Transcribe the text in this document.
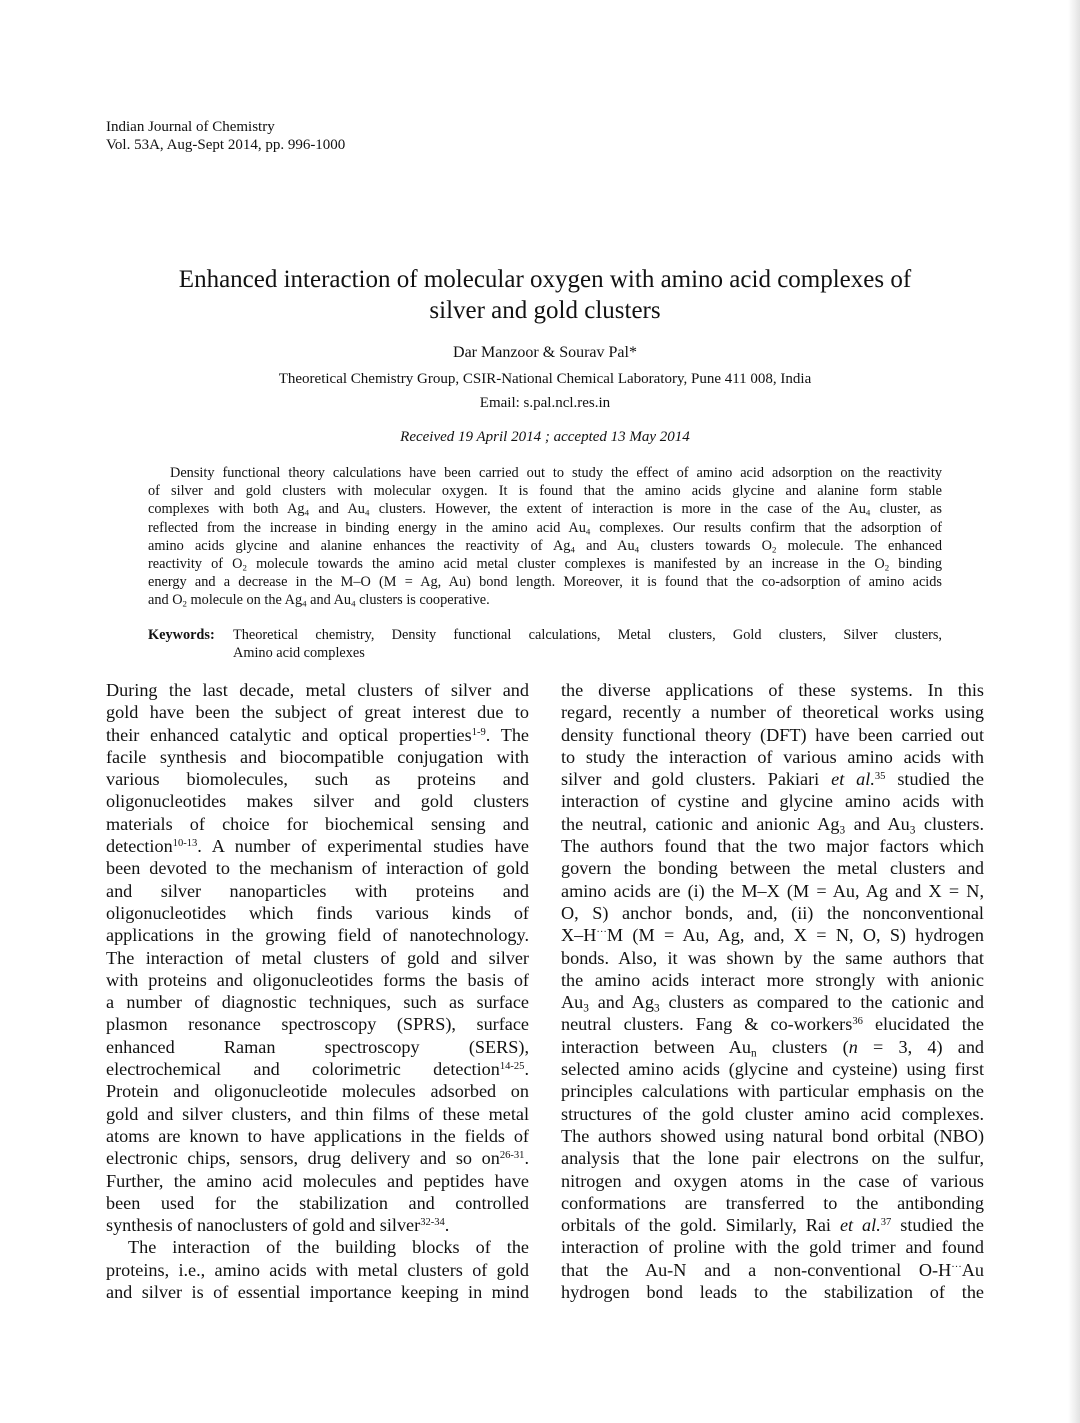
Indian Journal of Chemistry
Vol. 53A, Aug-Sept 2014, pp. 996-1000
Enhanced interaction of molecular oxygen with amino acid complexes of
silver and gold clusters
Dar Manzoor & Sourav Pal*
Theoretical Chemistry Group, CSIR-National Chemical Laboratory, Pune 411 008, India
Email: s.pal.ncl.res.in
Received 19 April 2014 ; accepted 13 May 2014
Density functional theory calculations have been carried out to study the effect of amino acid adsorption on the reactivity
of silver and gold clusters with molecular oxygen. It is found that the amino acids glycine and alanine form stable
complexes with both $Ag_4$ and $Au_4$ clusters. However, the extent of interaction is more in the case of the $Au_4$ cluster, as
reflected from the increase in binding energy in the amino acid $Au_4$ complexes. Our results confirm that the adsorption of
amino acids glycine and alanine enhances the reactivity of $Ag_4$ and $Au_4$ clusters towards $O_2$ molecule. The enhanced
reactivity of $O_2$ molecule towards the amino acid metal cluster complexes is manifested by an increase in the $O_2$ binding
energy and a decrease in the M–O (M = Ag, Au) bond length. Moreover, it is found that the co-adsorption of amino acids
and $O_2$ molecule on the $Ag_4$ and $Au_4$ clusters is cooperative.
Keywords: Theoretical chemistry, Density functional calculations, Metal clusters, Gold clusters, Silver clusters,
Amino acid complexes
During the last decade, metal clusters of silver and
gold have been the subject of great interest due to
their enhanced catalytic and optical properties$^{1-9}$. The
facile synthesis and biocompatible conjugation with
various biomolecules, such as proteins and
oligonucleotides makes silver and gold clusters
materials of choice for biochemical sensing and
detection$^{10-13}$. A number of experimental studies have
been devoted to the mechanism of interaction of gold
and silver nanoparticles with proteins and
oligonucleotides which finds various kinds of
applications in the growing field of nanotechnology.
The interaction of metal clusters of gold and silver
with proteins and oligonucleotides forms the basis of
a number of diagnostic techniques, such as surface
plasmon resonance spectroscopy (SPRS), surface
enhanced Raman spectroscopy (SERS),
electrochemical and colorimetric detection$^{14-25}$.
Protein and oligonucleotide molecules adsorbed on
gold and silver clusters, and thin films of these metal
atoms are known to have applications in the fields of
electronic chips, sensors, drug delivery and so $on^{26-31}$.
Further, the amino acid molecules and peptides have
been used for the stabilization and controlled
synthesis of nanoclusters of gold and silver$^{32-34}$.
The interaction of the building blocks of the
proteins, i.e., amino acids with metal clusters of gold
and silver is of essential importance keeping in mind
the diverse applications of these systems. In this
regard, recently a number of theoretical works using
density functional theory (DFT) have been carried out
to study the interaction of various amino acids with
silver and gold clusters. Pakiari et al.$^{35}$ studied the
interaction of cystine and glycine amino acids with
the neutral, cationic and anionic $Ag_3$ and $Au_3$ clusters.
The authors found that the two major factors which
govern the bonding between the metal clusters and
amino acids are (i) the M–X (M = Au, Ag and X = N,
O, S) anchor bonds, and, (ii) the nonconventional
X–H···M (M = Au, Ag, and, X = N, O, S) hydrogen
bonds. Also, it was shown by the same authors that
the amino acids interact more strongly with anionic
$Au_3$ and $Ag_3$ clusters as compared to the cationic and
neutral clusters. Fang & co-workers$^{36}$ elucidated the
interaction between $Au_n$ clusters (n = 3, 4) and
selected amino acids (glycine and cysteine) using first
principles calculations with particular emphasis on the
structures of the gold cluster amino acid complexes.
The authors showed using natural bond orbital (NBO)
analysis that the lone pair electrons on the sulfur,
nitrogen and oxygen atoms in the case of various
conformations are transferred to the antibonding
orbitals of the gold. Similarly, Rai et al.$^{37}$ studied the
interaction of proline with the gold trimer and found
that the Au-N and a non-conventional O-H···Au
hydrogen bond leads to the stabilization of the
